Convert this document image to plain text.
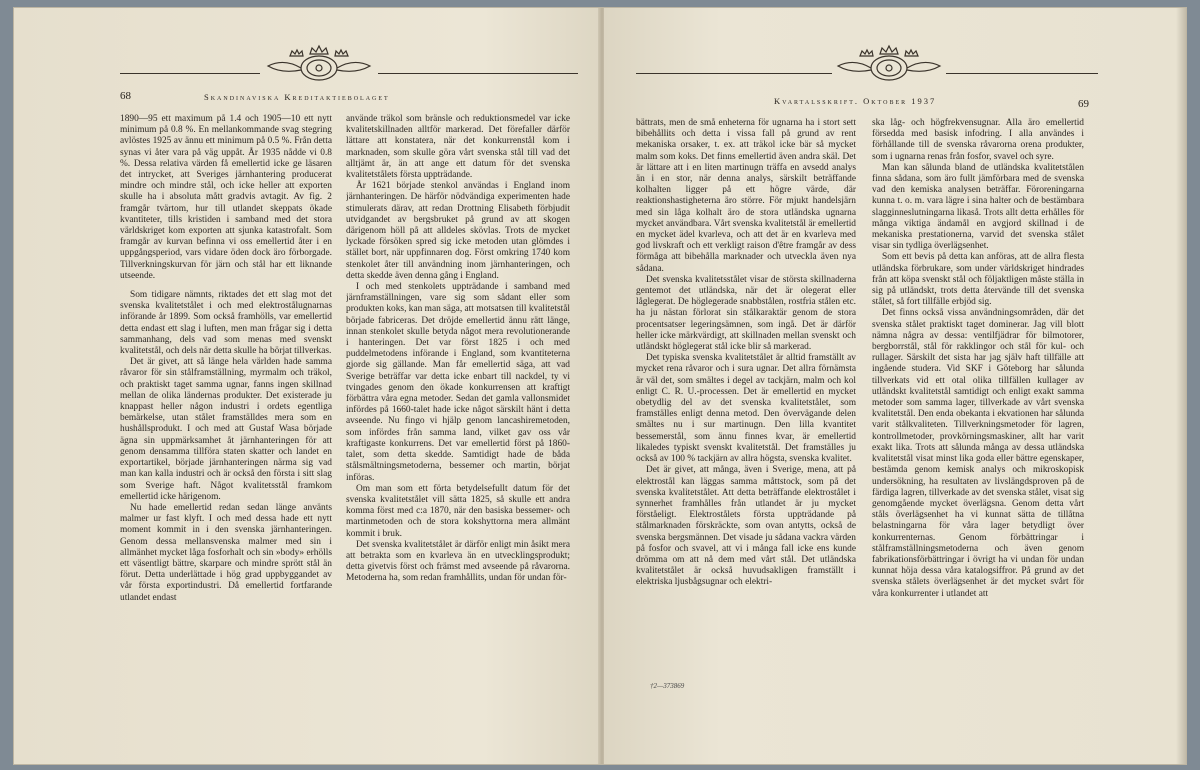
68	Skandinaviska Kreditaktiebolaget

1890—95 ett maximum på 1.4 och 1905—10 ett nytt minimum på 0.8 %. En mellankommande svag stegring avlöstes 1925 av ännu ett minimum på 0.5 %. Från detta synas vi åter vara på väg uppåt. År 1935 nådde vi 0.8 %. Dessa relativa värden få emellertid icke ge läsaren det intrycket, att Sveriges järnhantering producerat mindre och mindre stål, och icke heller att exporten skulle ha i absoluta mått gradvis avtagit. Av fig. 2 framgår tvärtom, hur till utlandet skeppats ökade kvantiteter, tills kristiden i samband med det stora världskriget kom exporten att sjunka katastrofalt. Som framgår av kurvan befinna vi oss emellertid åter i en uppgångsperiod, vars vidare öden dock äro förborgade. Tillverkningskurvan för järn och stål har ett liknande utseende.

Som tidigare nämnts, riktades det ett slag mot det svenska kvalitetstålet i och med elektrostålugnarnas införande år 1899. Som också framhölls, var emellertid detta endast ett slag i luften, men man frågar sig i detta sammanhang, dels vad som menas med svenskt kvalitetstål, och dels när detta skulle ha börjat tillverkas.

Det är givet, att så länge hela världen hade samma råvaror för sin stålframställning, myrmalm och träkol, och praktiskt taget samma ugnar, fanns ingen skillnad mellan de olika ländernas produkter. Det existerade ju knappast heller någon industri i ordets egentliga bemärkelse, utan stålet framställdes mera som en hushållsprodukt. I och med att Gustaf Wasa började ägna sin uppmärksamhet åt järnhanteringen för att genom densamma tillföra staten skatter och landet en exportartikel, började järnhanteringen närma sig vad man kan kalla industri och är också den första i sitt slag som Sverige haft. Något kvalitetsstål framkom emellertid icke härigenom.

Nu hade emellertid redan sedan länge använts malmer ur fast klyft. I och med dessa hade ett nytt moment kommit in i den svenska järnhanteringen. Genom dessa mellansvenska malmer med sin i allmänhet mycket låga fosforhalt och sin »body» erhölls ett väsentligt bättre, skarpare och mindre sprött stål än förut. Detta underlättade i hög grad uppbyggandet av vår första exportindustri. Då emellertid fortfarande utlandet endast

använde träkol som bränsle och reduktionsmedel var icke kvalitetskillnaden alltför markerad. Det förefaller därför lättare att konstatera, när det konkurrenstål kom i marknaden, som skulle göra vårt svenska stål till vad det alltjämt är, än att ange ett datum för det svenska kvalitetstålets första uppträdande.

År 1621 började stenkol användas i England inom järnhanteringen. De härför nödvändiga experimenten hade stimulerats därav, att redan Drottning Elisabeth förbjudit utvidgandet av bergsbruket på grund av att skogen därigenom höll på att alldeles skövlas. Trots de mycket lyckade försöken spred sig icke metoden utan glömdes i stället bort, när uppfinnaren dog. Först omkring 1740 kom stenkolet åter till användning inom järnhanteringen, och detta skedde även denna gång i England.

I och med stenkolets uppträdande i samband med järnframställningen, vare sig som sådant eller som produkten koks, kan man säga, att motsatsen till kvalitetstål började fabriceras. Det dröjde emellertid ännu rätt länge, innan stenkolet skulle betyda något mera revolutionerande i hanteringen. Det var först 1825 i och med puddelmetodens införande i England, som kvantiteterna gjorde sig gällande. Man får emellertid säga, att vad Sverige beträffar var detta icke enbart till nackdel, ty vi tvingades genom den ökade konkurrensen att kraftigt förbättra våra egna metoder. Sedan det gamla vallonsmidet infördes på 1660-talet hade icke något särskilt hänt i detta avseende. Nu fingo vi hjälp genom lancashiremetoden, som infördes från samma land, vilket gav oss vår kraftigaste konkurrens. Det var emellertid först på 1860-talet, som detta skedde. Samtidigt hade de båda stålsmältningsmetoderna, bessemer och martin, börjat införas.

Om man som ett förta betydelsefullt datum för det svenska kvalitetstålet vill sätta 1825, så skulle ett andra komma först med c:a 1870, när den basiska bessemer- och martinmetoden och de stora kokshyttorna mera allmänt kommit i bruk.

Det svenska kvalitetstålet är därför enligt min åsikt mera att betrakta som en kvarleva än en utvecklingsprodukt; detta givetvis först och främst med avseende på råvarorna. Metoderna ha, som redan framhållits, undan för undan för-

Kvartalsskrift. Oktober 1937	69

bättrats, men de små enheterna för ugnarna ha i stort sett bibehållits och detta i vissa fall på grund av rent mekaniska orsaker, t. ex. att träkol icke bär så mycket malm som koks. Det finns emellertid även andra skäl. Det är lättare att i en liten martinugn träffa en avsedd analys än i en stor, när denna analys, särskilt beträffande kolhalten ligger på ett högre värde, där reaktionshastigheterna äro större. För mjukt handelsjärn med sin låga kolhalt äro de stora utländska ugnarna mycket användbara. Vårt svenska kvalitetstål är emellertid en mycket ädel kvarleva, och att det är en kvarleva med god livskraft och ett verkligt raison d'être framgår av dess förmåga att bibehålla marknader och utveckla även nya sådana.

Det svenska kvalitetsstålet visar de största skillnaderna gentemot det utländska, när det är olegerat eller låglegerat. De höglegerade snabbstålen, rostfria stålen etc. ha ju nästan förlorat sin stålkaraktär genom de stora procentsatser legeringsämnen, som ingå. Det är därför heller icke märkvärdigt, att skillnaden mellan svenskt och utländskt höglegerat stål icke blir så markerad.

Det typiska svenska kvalitetstålet är alltid framställt av mycket rena råvaror och i sura ugnar. Det allra förnämsta är väl det, som smältes i degel av tackjärn, malm och kol enligt C. R. U.-processen. Det är emellertid en mycket obetydlig del av det svenska kvalitetstålet, som framställes enligt denna metod. Den övervägande delen smältes nu i sur martinugn. Den lilla kvantitet bessemerstål, som ännu finnes kvar, är emellertid likaledes typiskt svenskt kvalitetstål. Det framställes ju också av 100 % tackjärn av allra högsta, svenska kvalitet.

Det är givet, att många, även i Sverige, mena, att på elektrostål kan läggas samma måttstock, som på det svenska kvalitetstålet. Att detta beträffande elektrostålet i synnerhet framhålles från utlandet är ju mycket förståeligt. Elektrostålets första uppträdande på stålmarknaden förskräckte, som ovan antytts, också de svenska bergsmännen. Det visade ju sådana vackra värden på fosfor och svavel, att vi i många fall icke ens kunde drömma om att nå dem med vårt stål. Det utländska kvalitetstålet är också huvudsakligen framställt i elektriska ljusbågsugnar och elektri-

†2—373869

ska låg- och högfrekvensugnar. Alla äro emellertid försedda med basisk infodring. I alla användes i förhållande till de svenska råvarorna orena produkter, som i ugnarna renas från fosfor, svavel och syre.

Man kan sålunda bland de utländska kvalitetstålen finna sådana, som äro fullt jämförbara med de svenska vad den kemiska analysen beträffar. Föroreningarna kunna t. o. m. vara lägre i sina halter och de bestämbara slagginneslutningarna likaså. Trots allt detta erhålles för många viktiga ändamål en avgjord skillnad i de mekaniska prestationerna, varvid det svenska stålet visar sin tydliga överlägsenhet.

Som ett bevis på detta kan anföras, att de allra flesta utländska förbrukare, som under världskriget hindrades från att köpa svenskt stål och följaktligen måste ställa in sig på utländskt, trots detta återvände till det svenska stålet, så fort tillfälle erbjöd sig.

Det finns också vissa användningsområden, där det svenska stålet praktiskt taget dominerar. Jag vill blott nämna några av dessa: ventilfjädrar för bilmotorer, bergborrstål, stål för rakklingor och stål för kul- och rullager. Särskilt det sista har jag själv haft tillfälle att ingående studera. Vid SKF i Göteborg har sålunda tillverkats vid ett otal olika tillfällen kullager av utländskt kvalitetstål samtidigt och enligt exakt samma metoder som samma lager, tillverkade av vårt svenska kvalitetstål. Den enda obekanta i ekvationen har sålunda varit stålkvaliteten. Tillverkningsmetoder för lagren, kontrollmetoder, provkörningsmaskiner, allt har varit exakt lika. Trots att sålunda många av dessa utländska kvalitetstål visat minst lika goda eller bättre egenskaper, bestämda genom kemisk analys och mikroskopisk undersökning, ha resultaten av livslängdsproven på de färdiga lagren, tillverkade av det svenska stålet, visat sig genomgående mycket överlägsna. Genom detta vårt ståls överlägsenhet ha vi kunnat sätta de tillåtna belastningarna för våra lager betydligt över konkurrenternas. Genom förbättringar i stålframställningsmetoderna och även genom fabrikationsförbättringar i övrigt ha vi undan för undan kunnat höja dessa våra katalogsiffror. På grund av det svenska stålets överlägsenhet är det mycket svårt för våra konkurrenter i utlandet att
